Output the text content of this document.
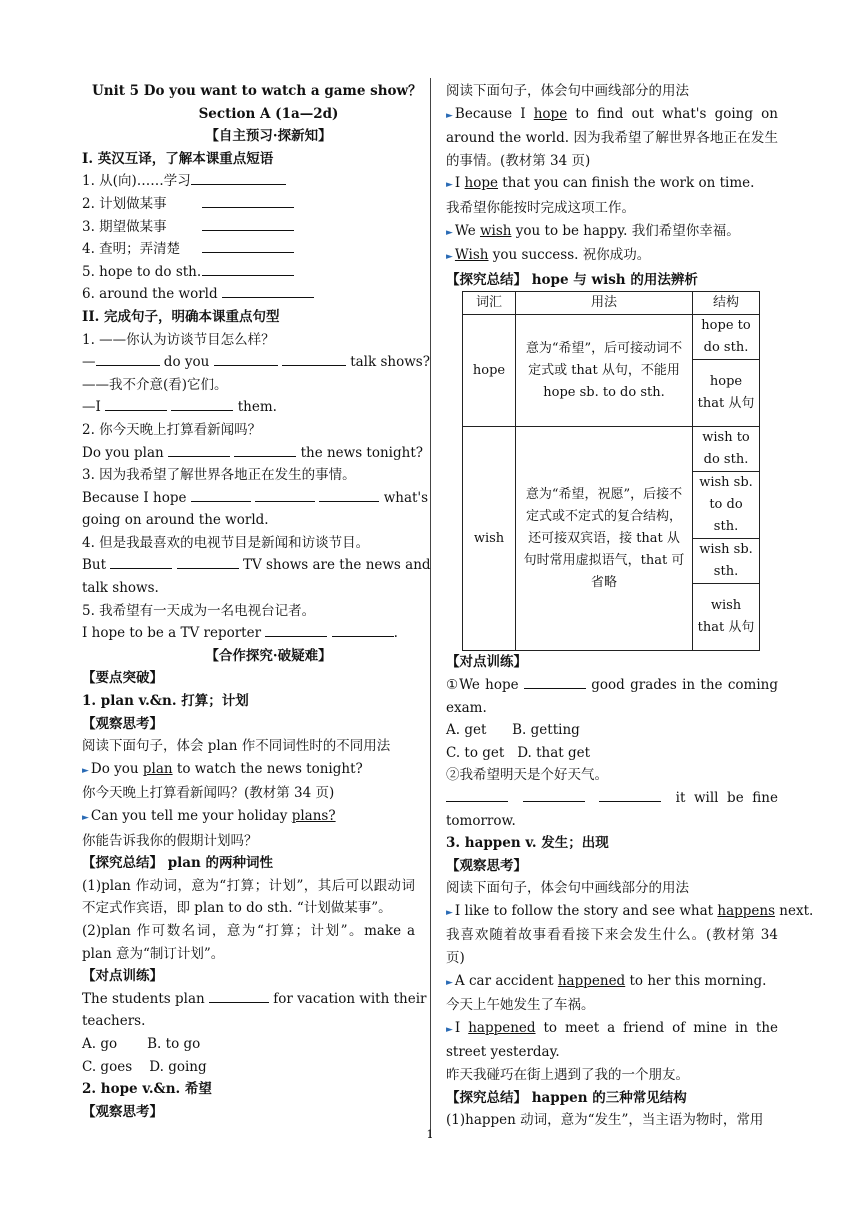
Unit 5 Do you want to watch a game show？
Section A (1a—2d)
【自主预习·探新知】
I. 英汉互译，了解本课重点短语
1. 从(向)……学习
2. 计划做某事
3. 期望做某事
4. 查明；弄清楚
5. hope to do sth.
6. around the world
II. 完成句子，明确本课重点句型
1. ——你认为访谈节目怎么样？
—	do you	talk shows?
——我不介意(看)它们。
—I	them.
2. 你今天晚上打算看新闻吗？
Do you plan	the news tonight?
3. 因为我希望了解世界各地正在发生的事情。
Because I hope	what's
going on around the world.
4. 但是我最喜欢的电视节目是新闻和访谈节目。
But	TV shows are the news and
talk shows.
5. 我希望有一天成为一名电视台记者。
I hope to be a TV reporter	.
【合作探究·破疑难】
【要点突破】
1. plan v.&n. 打算；计划
【观察思考】
阅读下面句子，体会 plan 作不同词性时的不同用法
► Do you plan to watch the news tonight?
你今天晚上打算看新闻吗？(教材第 34 页)
► Can you tell me your holiday plans?
你能告诉我你的假期计划吗？
【探究总结】 plan 的两种词性
(1)plan 作动词，意为“打算；计划”，其后可以跟动词不定式作宾语，即 plan to do sth. “计划做某事”。
(2)plan 作可数名词，意为“打算；计划”。make a plan 意为“制订计划”。
【对点训练】
The students plan	for vacation with their
teachers.
A. go       B. to go
C. goes    D. going
2. hope v.&n. 希望
【观察思考】
阅读下面句子，体会句中画线部分的用法
► Because I hope to find out what's going on around the world. 因为我希望了解世界各地正在发生的事情。(教材第 34 页)
► I hope that you can finish the work on time.
我希望你能按时完成这项工作。
► We wish you to be happy. 我们希望你幸福。
► Wish you success. 祝你成功。
【探究总结】 hope 与 wish 的用法辨析
词汇	用法	结构
hope	意为“希望”，后可接动词不定式或 that 从句，不能用 hope sb. to do sth.	hope to do sth.
		hope that 从句
wish	意为“希望，祝愿”，后接不定式或不定式的复合结构，还可接双宾语，接 that 从句时常用虚拟语气，that 可省略	wish to do sth.
		wish sb. to do sth.
		wish sb. sth.
		wish that 从句
【对点训练】
①We hope	good grades in the coming
exam.
A. get      B. getting
C. to get   D. that get
②我希望明天是个好天气。
it  will  be  fine
tomorrow.
3. happen v. 发生；出现
【观察思考】
阅读下面句子，体会句中画线部分的用法
► I like to follow the story and see what happens next.
我喜欢随着故事看看接下来会发生什么。(教材第 34 页)
► A car accident happened to her this morning.
今天上午她发生了车祸。
► I happened to meet a friend of mine in the street yesterday.
昨天我碰巧在街上遇到了我的一个朋友。
【探究总结】 happen 的三种常见结构
(1)happen 动词，意为“发生”，当主语为物时，常用
1
